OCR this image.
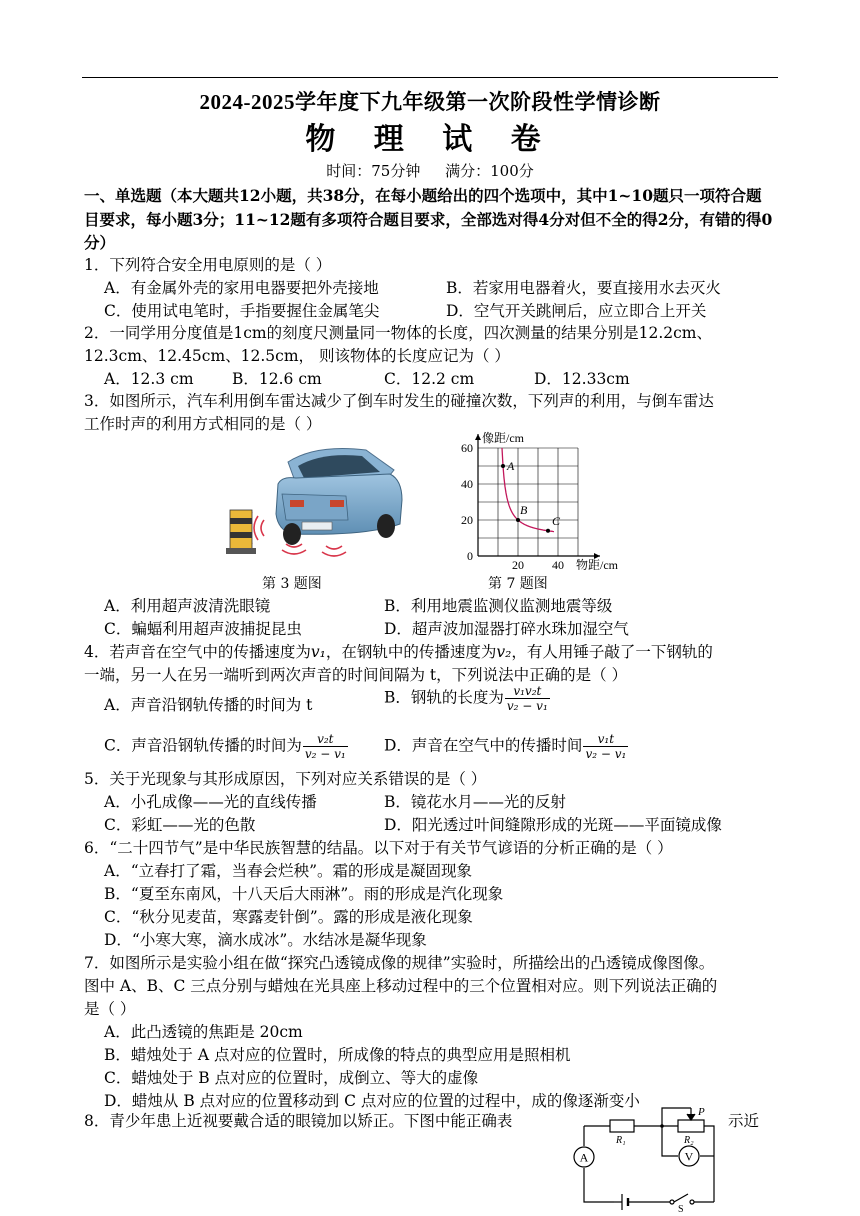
2024-2025学年度下九年级第一次阶段性学情诊断
物 理 试 卷
时间：75分钟 满分：100分
一、单选题（本大题共12小题，共38分，在每小题给出的四个选项中，其中1~10题只一项符合题目要求，每小题3分；11~12题有多项符合题目要求，全部选对得4分对但不全的得2分，有错的得0分）
1．下列符合安全用电原则的是（ ）
A．有金属外壳的家用电器要把外壳接地	B．若家用电器着火，要直接用水去灭火
C．使用试电笔时，手指要握住金属笔尖	D．空气开关跳闸后，应立即合上开关
2．一同学用分度值是1cm的刻度尺测量同一物体的长度，四次测量的结果分别是12.2cm、
12.3cm、12.45cm、12.5cm， 则该物体的长度应记为（ ）
A．12.3 cm B．12.6 cm	C．12.2 cm	D．12.33cm
3．如图所示，汽车利用倒车雷达减少了倒车时发生的碰撞次数，下列声的利用，与倒车雷达
工作时声的利用方式相同的是（ ）
第 3 题图
60
40
20
0
20 40
像距/cm
物距/cm
A
B
C
第 7 题图
A．利用超声波清洗眼镜	B．利用地震监测仪监测地震等级
C．蝙蝠利用超声波捕捉昆虫	D．超声波加湿器打碎水珠加湿空气
4．若声音在空气中的传播速度为v₁，在钢轨中的传播速度为v₂，有人用锤子敲了一下钢轨的
一端，另一人在另一端听到两次声音的时间间隔为 t，下列说法中正确的是（ ）
A．声音沿钢轨传播的时间为 t	B．钢轨的长度为 $\frac{\text{v₁v₂t}}{\text{v₂ − v₁}}$
C．声音沿钢轨传播的时间为 $\frac{\text{v₂t}}{\text{v₂ − v₁}}$ D．声音在空气中的传播时间 $\frac{\text{v₁t}}{\text{v₂ − v₁}}$
5．关于光现象与其形成原因，下列对应关系错误的是（ ）
A．小孔成像——光的直线传播	B．镜花水月——光的反射
C．彩虹——光的色散	D．阳光透过叶间缝隙形成的光斑——平面镜成像
6．“二十四节气”是中华民族智慧的结晶。以下对于有关节气谚语的分析正确的是（ ）
A．“立春打了霜，当春会烂秧”。霜的形成是凝固现象
B．“夏至东南风，十八天后大雨淋”。雨的形成是汽化现象
C．“秋分见麦苗，寒露麦针倒”。露的形成是液化现象
D．“小寒大寒，滴水成冰”。水结冰是凝华现象
7．如图所示是实验小组在做“探究凸透镜成像的规律”实验时，所描绘出的凸透镜成像图像。
图中 A、B、C 三点分别与蜡烛在光具座上移动过程中的三个位置相对应。则下列说法正确的
是（ ）
A．此凸透镜的焦距是 20cm
B．蜡烛处于 A 点对应的位置时，所成像的特点的典型应用是照相机
C．蜡烛处于 B 点对应的位置时，成倒立、等大的虚像
D．蜡烛从 B 点对应的位置移动到 C 点对应的位置的过程中，成的像逐渐变小
8．青少年患上近视要戴合适的眼镜加以矫正。下图中能正确表	示近
A	V
P
R₁	R₂
S
